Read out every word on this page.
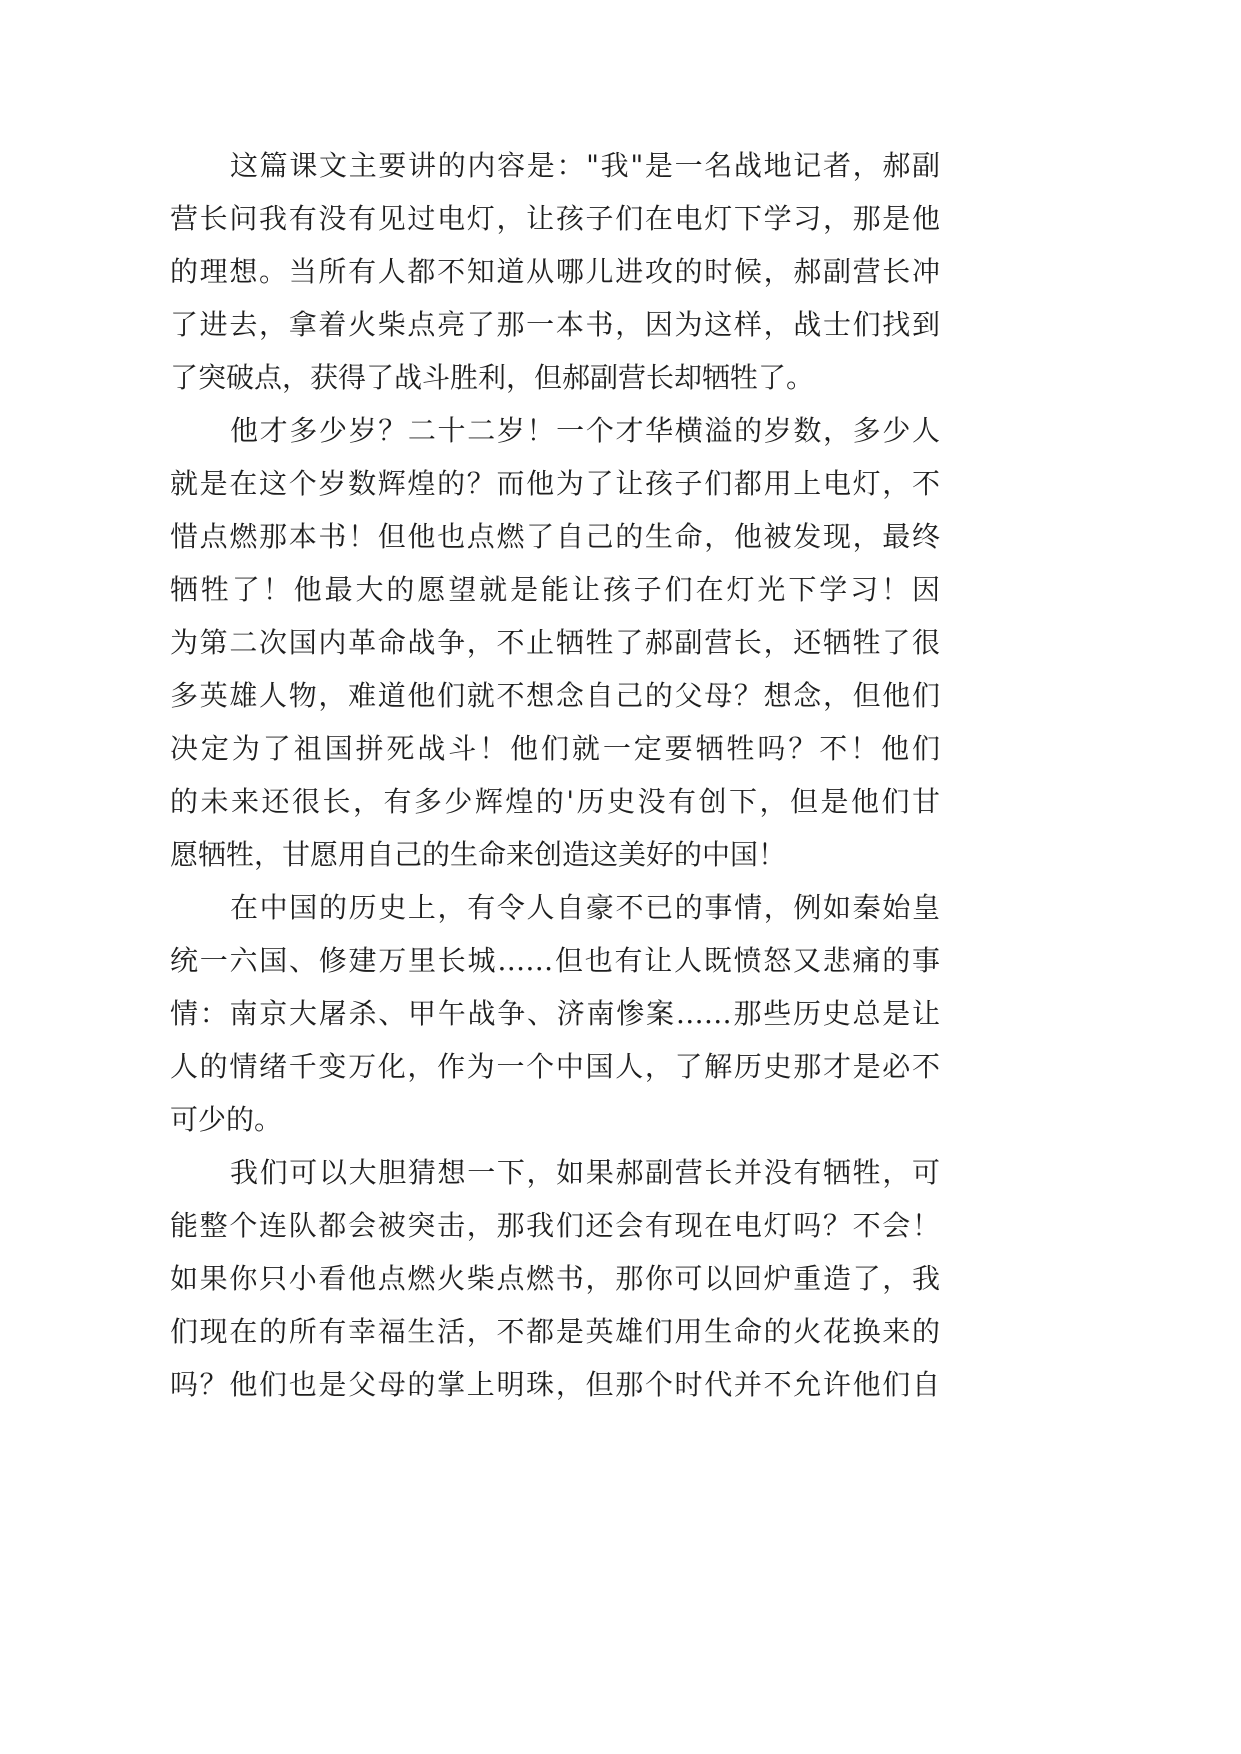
这篇课文主要讲的内容是："我"是一名战地记者，郝副
营长问我有没有见过电灯，让孩子们在电灯下学习，那是他
的理想。当所有人都不知道从哪儿进攻的时候，郝副营长冲
了进去，拿着火柴点亮了那一本书，因为这样，战士们找到
了突破点，获得了战斗胜利，但郝副营长却牺牲了。
他才多少岁？二十二岁！一个才华横溢的岁数，多少人
就是在这个岁数辉煌的？而他为了让孩子们都用上电灯，不
惜点燃那本书！但他也点燃了自己的生命，他被发现，最终
牺牲了！他最大的愿望就是能让孩子们在灯光下学习！因
为第二次国内革命战争，不止牺牲了郝副营长，还牺牲了很
多英雄人物，难道他们就不想念自己的父母？想念，但他们
决定为了祖国拼死战斗！他们就一定要牺牲吗？不！他们
的未来还很长，有多少辉煌的'历史没有创下，但是他们甘
愿牺牲，甘愿用自己的生命来创造这美好的中国！
在中国的历史上，有令人自豪不已的事情，例如秦始皇
统一六国、修建万里长城……但也有让人既愤怒又悲痛的事
情：南京大屠杀、甲午战争、济南惨案……那些历史总是让
人的情绪千变万化，作为一个中国人，了解历史那才是必不
可少的。
我们可以大胆猜想一下，如果郝副营长并没有牺牲，可
能整个连队都会被突击，那我们还会有现在电灯吗？不会！
如果你只小看他点燃火柴点燃书，那你可以回炉重造了，我
们现在的所有幸福生活，不都是英雄们用生命的火花换来的
吗？他们也是父母的掌上明珠，但那个时代并不允许他们自
